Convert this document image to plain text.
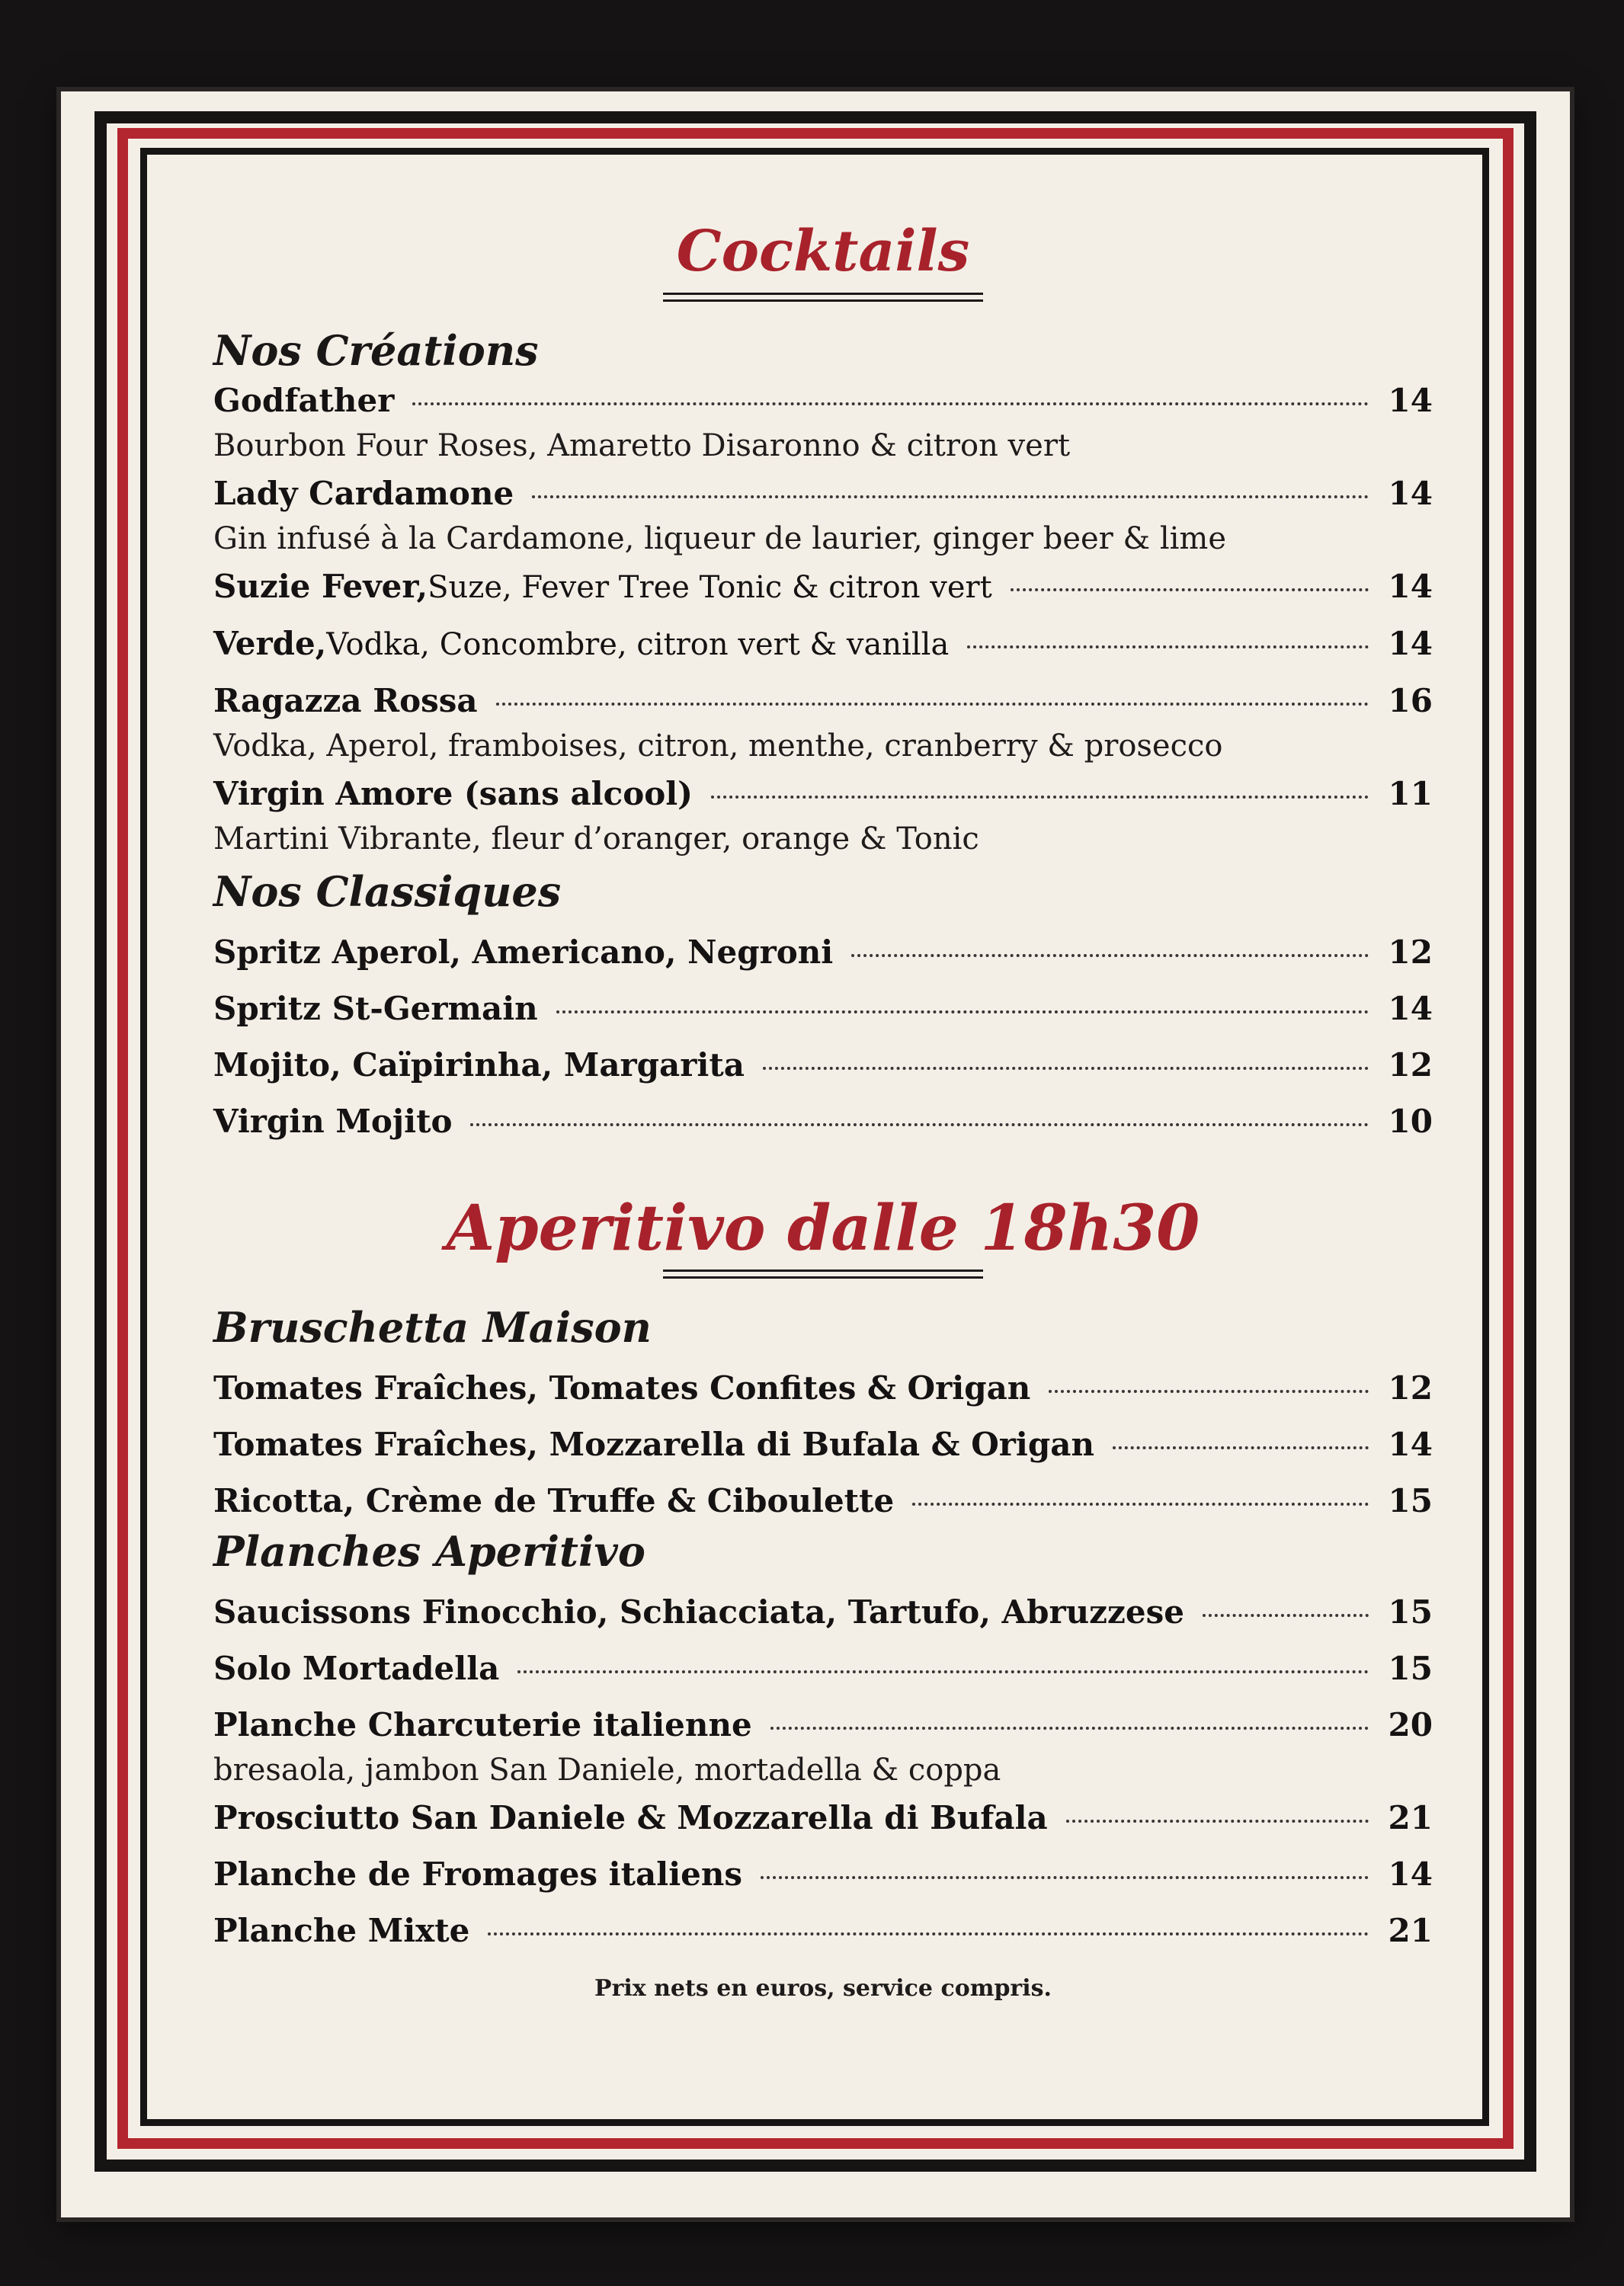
Cocktails
Nos Créations
Godfather	14
Bourbon Four Roses, Amaretto Disaronno & citron vert
Lady Cardamone	14
Gin infusé à la Cardamone, liqueur de laurier, ginger beer & lime
Suzie Fever, Suze, Fever Tree Tonic & citron vert	14
Verde, Vodka, Concombre, citron vert & vanilla	14
Ragazza Rossa	16
Vodka, Aperol, framboises, citron, menthe, cranberry & prosecco
Virgin Amore (sans alcool)	11
Martini Vibrante, fleur d’oranger, orange & Tonic
Nos Classiques
Spritz Aperol, Americano, Negroni	12
Spritz St-Germain	14
Mojito, Caïpirinha, Margarita	12
Virgin Mojito	10
Aperitivo dalle 18h30
Bruschetta Maison
Tomates Fraîches, Tomates Confites & Origan	12
Tomates Fraîches, Mozzarella di Bufala & Origan	14
Ricotta, Crème de Truffe & Ciboulette	15
Planches Aperitivo
Saucissons Finocchio, Schiacciata, Tartufo, Abruzzese	15
Solo Mortadella	15
Planche Charcuterie italienne	20
bresaola, jambon San Daniele, mortadella & coppa
Prosciutto San Daniele & Mozzarella di Bufala	21
Planche de Fromages italiens	14
Planche Mixte	21
Prix nets en euros, service compris.
